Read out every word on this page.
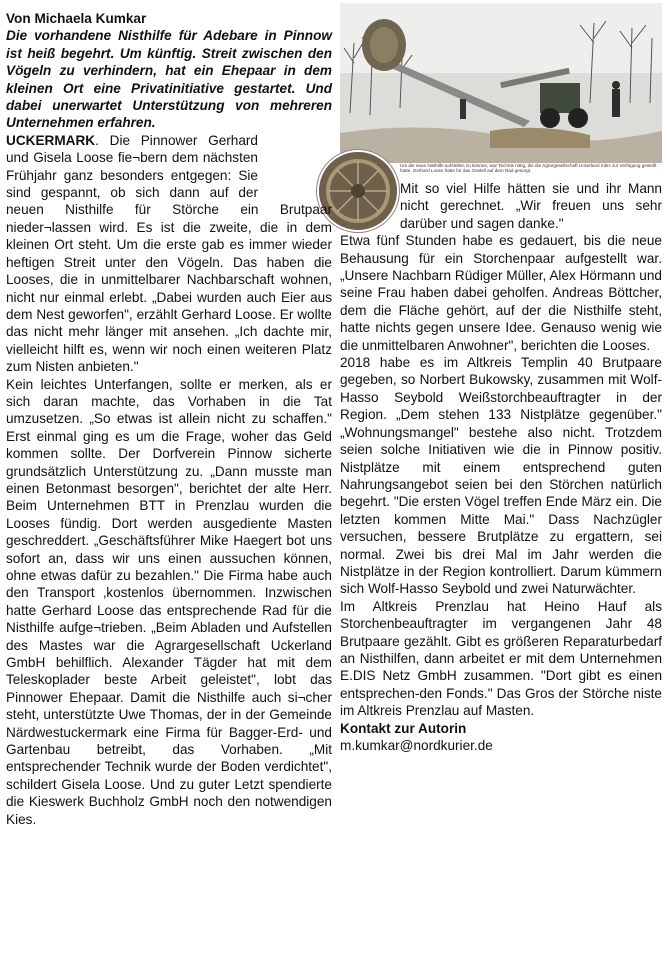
Um die neue Nisthilfe aufstellen zu können, war Technik nötig, die die Agrargesellschaft Uckerland mbH zur Verfügung gestellt hatte. Gerhard Loose hatte für das Gestell auf dem Rad gesorgt.

Von Michaela Kumkar

Die vorhandene Nisthilfe für Adebare in Pinnow ist heiß begehrt. Um künftig. Streit zwischen den Vögeln zu verhindern, hat ein Ehepaar in dem kleinen Ort eine Privatinitiative gestartet. Und dabei unerwartet Unterstützung von mehreren Unternehmen erfahren.

UCKERMARK. Die Pinnower Gerhard und Gisela Loose fie¬bern dem nächsten Frühjahr ganz besonders entgegen: Sie sind gespannt, ob sich dann auf der neuen Nisthilfe für Störche ein Brutpaar nieder¬lassen wird. Es ist die zweite, die in dem kleinen Ort steht. Um die erste gab es immer wieder heftigen Streit unter den Vögeln. Das haben die Looses, die in unmittelbarer Nachbarschaft wohnen, nicht nur einmal erlebt. „Dabei wurden auch Eier aus dem Nest geworfen", erzählt Gerhard Loose. Er wollte das nicht mehr länger mit ansehen. „Ich dachte mir, vielleicht hilft es, wenn wir noch einen weiteren Platz zum Nisten anbieten."

Kein leichtes Unterfangen, sollte er merken, als er sich daran machte, das Vorhaben in die Tat umzusetzen. „So etwas ist allein nicht zu schaffen." Erst einmal ging es um die Frage, woher das Geld kommen sollte. Der Dorfverein Pinnow sicherte grundsätzlich Unterstützung zu. „Dann musste man einen Betonmast besorgen", berichtet der alte Herr. Beim Unternehmen BTT in Prenzlau wurden die Looses fündig. Dort werden ausgediente Masten geschreddert. „Geschäftsführer Mike Haegert bot uns sofort an, dass wir uns einen aussuchen können, ohne etwas dafür zu bezahlen." Die Firma habe auch den Transport ‚kostenlos übernommen. Inzwischen hatte Gerhard Loose das entsprechende Rad für die Nisthilfe aufge¬trieben. „Beim Abladen und Aufstellen des Mastes war die Agrargesellschaft Uckerland GmbH behilflich. Alexander Tägder hat mit dem Teleskoplader beste Arbeit geleistet", lobt das Pinnower Ehepaar. Damit die Nisthilfe auch si¬cher steht, unterstützte Uwe Thomas, der in der Gemeinde Närdwestuckermark eine Firma für Bagger-Erd- und Gartenbau betreibt, das Vorhaben. „Mit entsprechender Technik wurde der Boden verdichtet", schildert Gisela Loose. Und zu guter Letzt spendierte die Kieswerk Buchholz GmbH noch den notwendigen Kies.

Mit so viel Hilfe hätten sie und ihr Mann nicht gerechnet. „Wir freuen uns sehr darüber und sagen danke."

Etwa fünf Stunden habe es gedauert, bis die neue Behausung für ein Storchenpaar aufgestellt war. „Unsere Nachbarn Rüdiger Müller, Alex Hörmann und seine Frau haben dabei geholfen. Andreas Böttcher, dem die Fläche gehört, auf der die Nisthilfe steht, hatte nichts gegen unsere Idee. Genauso wenig wie die unmittelbaren Anwohner", berichten die Looses.

2018 habe es im Altkreis Templin 40 Brutpaare gegeben, so Norbert Bukowsky, zusammen mit Wolf-Hasso Seybold Weißstorchbeauftragter in der Region. „Dem stehen 133 Nistplätze gegenüber." „Wohnungsmangel" bestehe also nicht. Trotzdem seien solche Initiativen wie die in Pinnow positiv. Nistplätze mit einem entsprechend guten Nahrungsangebot seien bei den Störchen natürlich begehrt. "Die ersten Vögel treffen Ende März ein. Die letzten kommen Mitte Mai." Dass Nachzügler versuchen, bessere Brutplätze zu ergattern, sei normal. Zwei bis drei Mal im Jahr werden die Nistplätze in der Region kontrolliert. Darum kümmern sich Wolf-Hasso Seybold und zwei Naturwächter.

Im Altkreis Prenzlau hat Heino Hauf als Storchenbeauftragter im vergangenen Jahr 48 Brutpaare gezählt. Gibt es größeren Reparaturbedarf an Nisthilfen, dann arbeitet er mit dem Unternehmen E.DIS Netz GmbH zusammen. "Dort gibt es einen entsprechen-den Fonds." Das Gros der Störche niste im Altkreis Prenzlau auf Masten.

Kontakt zur Autorin

m.kumkar@nordkurier.de
